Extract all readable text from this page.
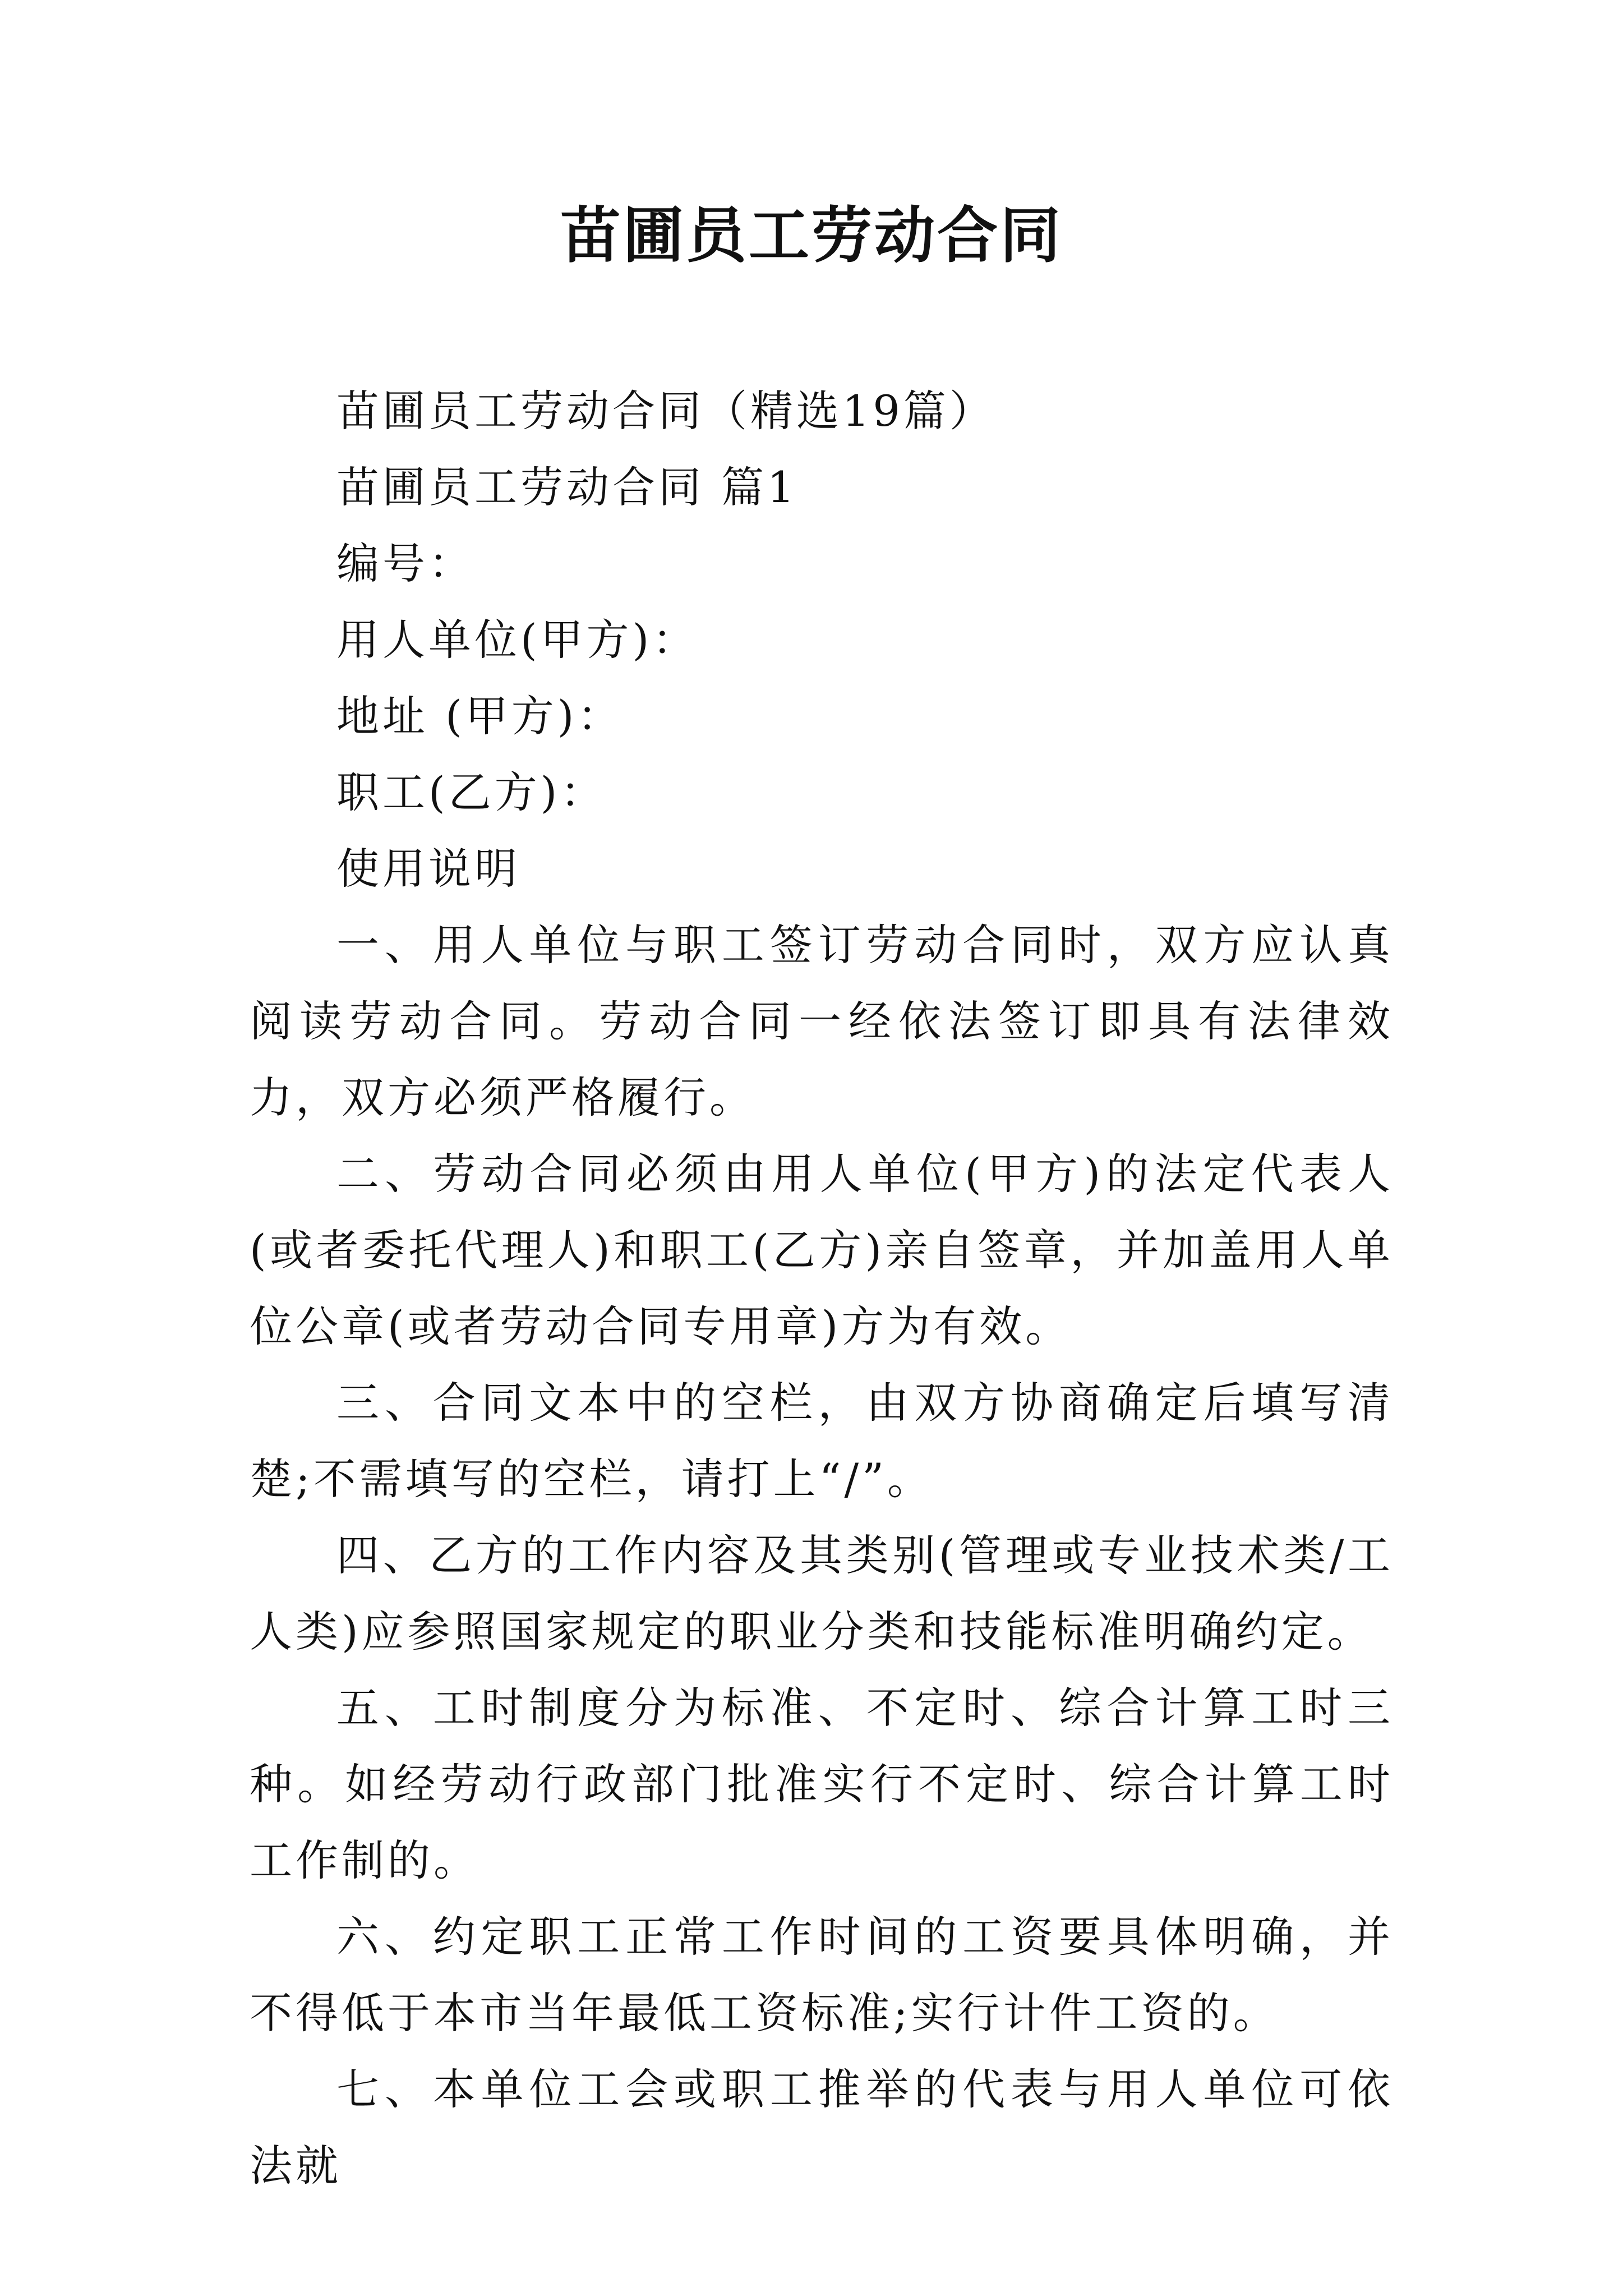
苗圃员工劳动合同

苗圃员工劳动合同（精选19篇）

苗圃员工劳动合同 篇1

编号：

用人单位(甲方)：

地址 (甲方)：

职工(乙方)：

使用说明

一、用人单位与职工签订劳动合同时，双方应认真阅读劳动合同。劳动合同一经依法签订即具有法律效力，双方必须严格履行。

二、劳动合同必须由用人单位(甲方)的法定代表人(或者委托代理人)和职工(乙方)亲自签章，并加盖用人单位公章(或者劳动合同专用章)方为有效。

三、合同文本中的空栏，由双方协商确定后填写清楚;不需填写的空栏，请打上“/”。

四、乙方的工作内容及其类别(管理或专业技术类/工人类)应参照国家规定的职业分类和技能标准明确约定。

五、工时制度分为标准、不定时、综合计算工时三种。如经劳动行政部门批准实行不定时、综合计算工时工作制的。

六、约定职工正常工作时间的工资要具体明确，并不得低于本市当年最低工资标准;实行计件工资的。

七、本单位工会或职工推举的代表与用人单位可依法就
